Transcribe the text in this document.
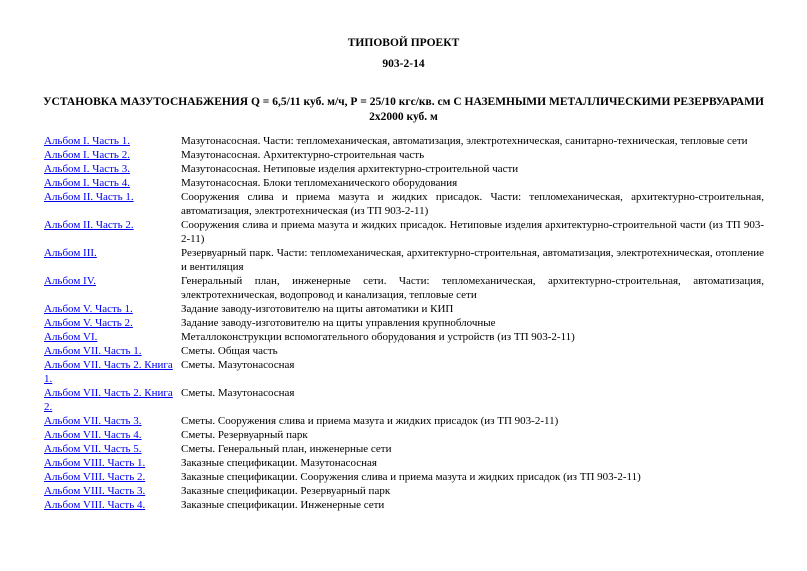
ТИПОВОЙ ПРОЕКТ
903-2-14
УСТАНОВКА МАЗУТОСНАБЖЕНИЯ Q = 6,5/11 куб. м/ч, Р = 25/10 кгс/кв. см С НАЗЕМНЫМИ МЕТАЛЛИЧЕСКИМИ РЕЗЕРВУАРАМИ 2х2000 куб. м
Альбом I. Часть 1.	Мазутонасосная. Части: тепломеханическая, автоматизация, электротехническая, санитарно-техническая, тепловые сети
Альбом I. Часть 2.	Мазутонасосная. Архитектурно-строительная часть
Альбом I. Часть 3.	Мазутонасосная. Нетиповые изделия архитектурно-строительной части
Альбом I. Часть 4.	Мазутонасосная. Блоки тепломеханического оборудования
Альбом II. Часть 1.	Сооружения слива и приема мазута и жидких присадок. Части: тепломеханическая, архитектурно-строительная, автоматизация, электротехническая (из ТП 903-2-11)
Альбом II. Часть 2.	Сооружения слива и приема мазута и жидких присадок. Нетиповые изделия архитектурно-строительной части (из ТП 903-2-11)
Альбом III.	Резервуарный парк. Части: тепломеханическая, архитектурно-строительная, автоматизация, электротехническая, отопление и вентиляция
Альбом IV.	Генеральный план, инженерные сети. Части: тепломеханическая, архитектурно-строительная, автоматизация, электротехническая, водопровод и канализация, тепловые сети
Альбом V. Часть 1.	Задание заводу-изготовителю на щиты автоматики и КИП
Альбом V. Часть 2.	Задание заводу-изготовителю на щиты управления крупноблочные
Альбом VI.	Металлоконструкции вспомогательного оборудования и устройств (из ТП 903-2-11)
Альбом VII. Часть 1.	Сметы. Общая часть
Альбом VII. Часть 2. Книга 1.	Сметы. Мазутонасосная
Альбом VII. Часть 2. Книга 2.	Сметы. Мазутонасосная
Альбом VII. Часть 3.	Сметы. Сооружения слива и приема мазута и жидких присадок (из ТП 903-2-11)
Альбом VII. Часть 4.	Сметы. Резервуарный парк
Альбом VII. Часть 5.	Сметы. Генеральный план, инженерные сети
Альбом VIII. Часть 1.	Заказные спецификации. Мазутонасосная
Альбом VIII. Часть 2.	Заказные спецификации. Сооружения слива и приема мазута и жидких присадок (из ТП 903-2-11)
Альбом VIII. Часть 3.	Заказные спецификации. Резервуарный парк
Альбом VIII. Часть 4.	Заказные спецификации. Инженерные сети
